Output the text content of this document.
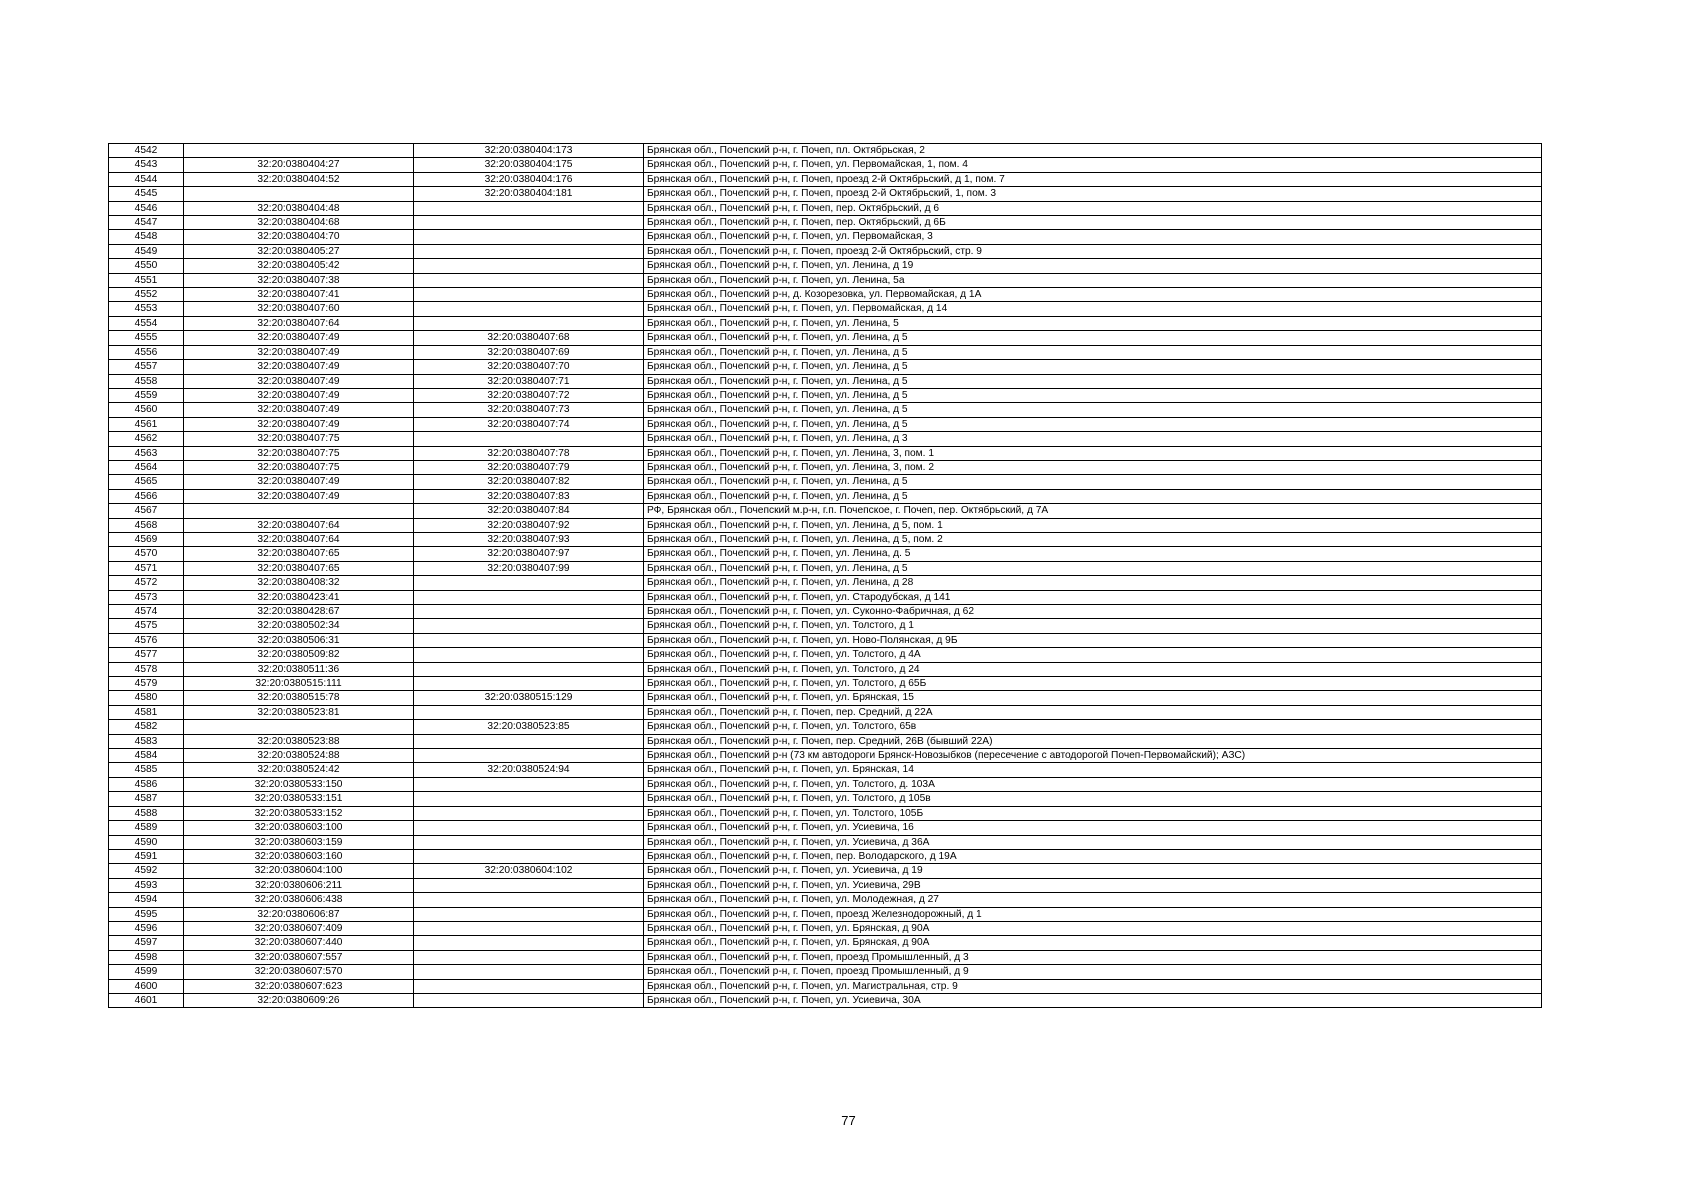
4542		32:20:0380404:173	Брянская обл., Почепский р-н, г. Почеп, пл. Октябрьская, 2
4543	32:20:0380404:27	32:20:0380404:175	Брянская обл., Почепский р-н, г. Почеп, ул. Первомайская, 1, пом. 4
4544	32:20:0380404:52	32:20:0380404:176	Брянская обл., Почепский р-н, г. Почеп, проезд 2-й Октябрьский, д 1, пом. 7
4545		32:20:0380404:181	Брянская обл., Почепский р-н, г. Почеп, проезд 2-й Октябрьский, 1, пом. 3
4546	32:20:0380404:48		Брянская обл., Почепский р-н, г. Почеп, пер. Октябрьский, д 6
4547	32:20:0380404:68		Брянская обл., Почепский р-н, г. Почеп, пер. Октябрьский, д 6Б
4548	32:20:0380404:70		Брянская обл., Почепский р-н, г. Почеп, ул. Первомайская, 3
4549	32:20:0380405:27		Брянская обл., Почепский р-н, г. Почеп, проезд 2-й Октябрьский, стр. 9
4550	32:20:0380405:42		Брянская обл., Почепский р-н, г. Почеп, ул. Ленина, д 19
4551	32:20:0380407:38		Брянская обл., Почепский р-н, г. Почеп, ул. Ленина, 5а
4552	32:20:0380407:41		Брянская обл., Почепский р-н, д. Козорезовка, ул. Первомайская, д 1А
4553	32:20:0380407:60		Брянская обл., Почепский р-н, г. Почеп, ул. Первомайская, д 14
4554	32:20:0380407:64		Брянская обл., Почепский р-н, г. Почеп, ул. Ленина, 5
4555	32:20:0380407:49	32:20:0380407:68	Брянская обл., Почепский р-н, г. Почеп, ул. Ленина, д 5
4556	32:20:0380407:49	32:20:0380407:69	Брянская обл., Почепский р-н, г. Почеп, ул. Ленина, д 5
4557	32:20:0380407:49	32:20:0380407:70	Брянская обл., Почепский р-н, г. Почеп, ул. Ленина, д 5
4558	32:20:0380407:49	32:20:0380407:71	Брянская обл., Почепский р-н, г. Почеп, ул. Ленина, д 5
4559	32:20:0380407:49	32:20:0380407:72	Брянская обл., Почепский р-н, г. Почеп, ул. Ленина, д 5
4560	32:20:0380407:49	32:20:0380407:73	Брянская обл., Почепский р-н, г. Почеп, ул. Ленина, д 5
4561	32:20:0380407:49	32:20:0380407:74	Брянская обл., Почепский р-н, г. Почеп, ул. Ленина, д 5
4562	32:20:0380407:75		Брянская обл., Почепский р-н, г. Почеп, ул. Ленина, д 3
4563	32:20:0380407:75	32:20:0380407:78	Брянская обл., Почепский р-н, г. Почеп, ул. Ленина, 3, пом. 1
4564	32:20:0380407:75	32:20:0380407:79	Брянская обл., Почепский р-н, г. Почеп, ул. Ленина, 3, пом. 2
4565	32:20:0380407:49	32:20:0380407:82	Брянская обл., Почепский р-н, г. Почеп, ул. Ленина, д 5
4566	32:20:0380407:49	32:20:0380407:83	Брянская обл., Почепский р-н, г. Почеп, ул. Ленина, д 5
4567		32:20:0380407:84	РФ, Брянская обл., Почепский м.р-н, г.п. Почепское, г. Почеп, пер. Октябрьский, д 7А
4568	32:20:0380407:64	32:20:0380407:92	Брянская обл., Почепский р-н, г. Почеп, ул. Ленина, д 5, пом. 1
4569	32:20:0380407:64	32:20:0380407:93	Брянская обл., Почепский р-н, г. Почеп, ул. Ленина, д 5, пом. 2
4570	32:20:0380407:65	32:20:0380407:97	Брянская обл., Почепский р-н, г. Почеп, ул. Ленина, д. 5
4571	32:20:0380407:65	32:20:0380407:99	Брянская обл., Почепский р-н, г. Почеп, ул. Ленина, д 5
4572	32:20:0380408:32		Брянская обл., Почепский р-н, г. Почеп, ул. Ленина, д 28
4573	32:20:0380423:41		Брянская обл., Почепский р-н, г. Почеп, ул. Стародубская, д 141
4574	32:20:0380428:67		Брянская обл., Почепский р-н, г. Почеп, ул. Суконно-Фабричная, д 62
4575	32:20:0380502:34		Брянская обл., Почепский р-н, г. Почеп, ул. Толстого, д 1
4576	32:20:0380506:31		Брянская обл., Почепский р-н, г. Почеп, ул. Ново-Полянская, д 9Б
4577	32:20:0380509:82		Брянская обл., Почепский р-н, г. Почеп, ул. Толстого, д 4А
4578	32:20:0380511:36		Брянская обл., Почепский р-н, г. Почеп, ул. Толстого, д 24
4579	32:20:0380515:111		Брянская обл., Почепский р-н, г. Почеп, ул. Толстого, д 65Б
4580	32:20:0380515:78	32:20:0380515:129	Брянская обл., Почепский р-н, г. Почеп, ул. Брянская, 15
4581	32:20:0380523:81		Брянская обл., Почепский р-н, г. Почеп, пер. Средний, д 22А
4582		32:20:0380523:85	Брянская обл., Почепский р-н, г. Почеп, ул. Толстого, 65в
4583	32:20:0380523:88		Брянская обл., Почепский р-н, г. Почеп, пер. Средний, 26В (бывший 22А)
4584	32:20:0380524:88		Брянская обл., Почепский р-н (73 км автодороги Брянск-Новозыбков (пересечение с автодорогой Почеп-Первомайский); АЗС)
4585	32:20:0380524:42	32:20:0380524:94	Брянская обл., Почепский р-н, г. Почеп, ул. Брянская, 14
4586	32:20:0380533:150		Брянская обл., Почепский р-н, г. Почеп, ул. Толстого, д. 103А
4587	32:20:0380533:151		Брянская обл., Почепский р-н, г. Почеп, ул. Толстого, д 105в
4588	32:20:0380533:152		Брянская обл., Почепский р-н, г. Почеп, ул. Толстого, 105Б
4589	32:20:0380603:100		Брянская обл., Почепский р-н, г. Почеп, ул. Усиевича, 16
4590	32:20:0380603:159		Брянская обл., Почепский р-н, г. Почеп, ул. Усиевича, д 36А
4591	32:20:0380603:160		Брянская обл., Почепский р-н, г. Почеп, пер. Володарского, д 19А
4592	32:20:0380604:100	32:20:0380604:102	Брянская обл., Почепский р-н, г. Почеп, ул. Усиевича, д 19
4593	32:20:0380606:211		Брянская обл., Почепский р-н, г. Почеп, ул. Усиевича, 29В
4594	32:20:0380606:438		Брянская обл., Почепский р-н, г. Почеп, ул. Молодежная, д 27
4595	32:20:0380606:87		Брянская обл., Почепский р-н, г. Почеп, проезд Железнодорожный, д 1
4596	32:20:0380607:409		Брянская обл., Почепский р-н, г. Почеп, ул. Брянская, д 90А
4597	32:20:0380607:440		Брянская обл., Почепский р-н, г. Почеп, ул. Брянская, д 90А
4598	32:20:0380607:557		Брянская обл., Почепский р-н, г. Почеп, проезд Промышленный, д 3
4599	32:20:0380607:570		Брянская обл., Почепский р-н, г. Почеп, проезд Промышленный, д 9
4600	32:20:0380607:623		Брянская обл., Почепский р-н, г. Почеп, ул. Магистральная, стр. 9
4601	32:20:0380609:26		Брянская обл., Почепский р-н, г. Почеп, ул. Усиевича, 30А
77
